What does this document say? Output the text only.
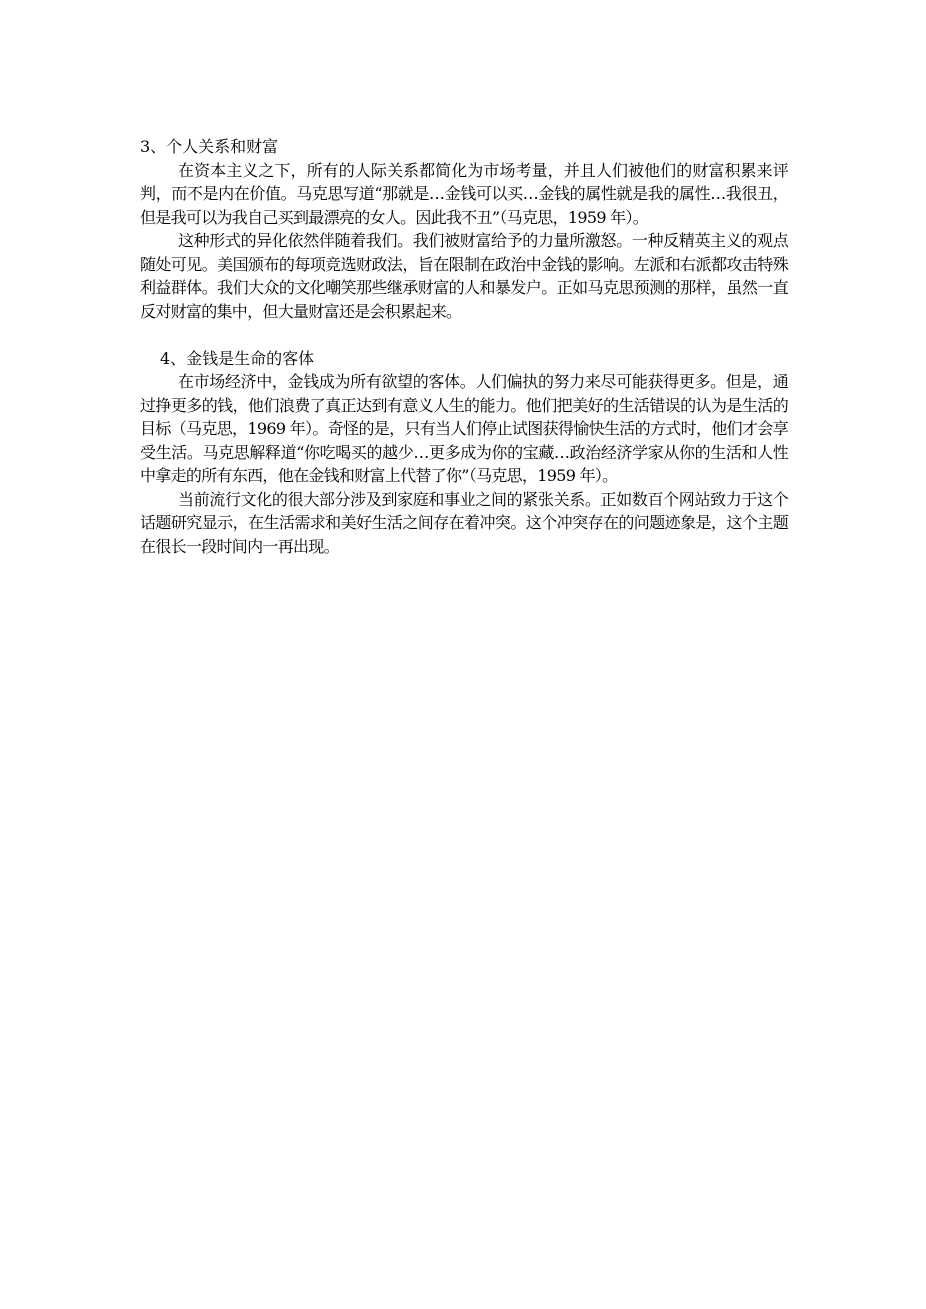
3、个人关系和财富

在资本主义之下，所有的人际关系都简化为市场考量，并且人们被他们的财富积累来评判，而不是内在价值。马克思写道“那就是…金钱可以买…金钱的属性就是我的属性…我很丑，但是我可以为我自己买到最漂亮的女人。因此我不丑”（马克思，1959 年）。

这种形式的异化依然伴随着我们。我们被财富给予的力量所激怒。一种反精英主义的观点随处可见。美国颁布的每项竞选财政法，旨在限制在政治中金钱的影响。左派和右派都攻击特殊利益群体。我们大众的文化嘲笑那些继承财富的人和暴发户。正如马克思预测的那样，虽然一直反对财富的集中，但大量财富还是会积累起来。

4、金钱是生命的客体

在市场经济中，金钱成为所有欲望的客体。人们偏执的努力来尽可能获得更多。但是，通过挣更多的钱，他们浪费了真正达到有意义人生的能力。他们把美好的生活错误的认为是生活的目标（马克思，1969 年）。奇怪的是，只有当人们停止试图获得愉快生活的方式时，他们才会享受生活。马克思解释道“你吃喝买的越少…更多成为你的宝藏…政治经济学家从你的生活和人性中拿走的所有东西，他在金钱和财富上代替了你”（马克思，1959 年）。

当前流行文化的很大部分涉及到家庭和事业之间的紧张关系。正如数百个网站致力于这个话题研究显示，在生活需求和美好生活之间存在着冲突。这个冲突存在的问题迹象是，这个主题在很长一段时间内一再出现。
